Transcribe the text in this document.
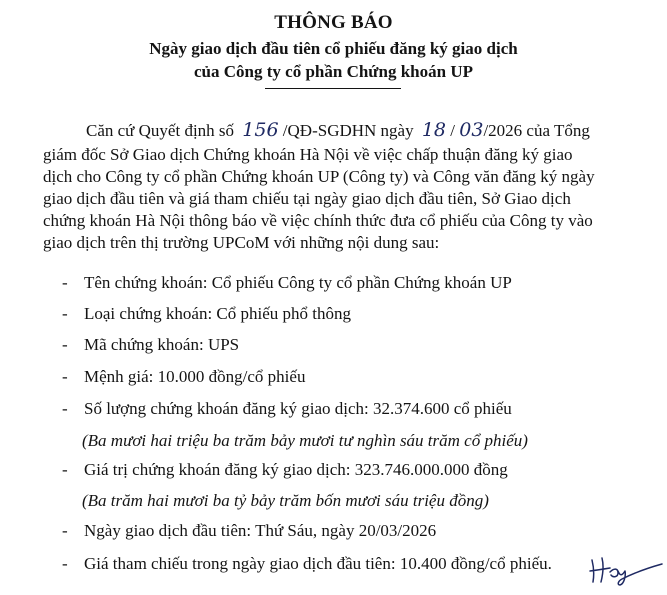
THÔNG BÁO
Ngày giao dịch đầu tiên cổ phiếu đăng ký giao dịch
của Công ty cổ phần Chứng khoán UP
Căn cứ Quyết định số 156 /QĐ-SGDHN ngày 18 / 03/2026 của Tổng
giám đốc Sở Giao dịch Chứng khoán Hà Nội về việc chấp thuận đăng ký giao
dịch cho Công ty cổ phần Chứng khoán UP (Công ty) và Công văn đăng ký ngày
giao dịch đầu tiên và giá tham chiếu tại ngày giao dịch đầu tiên, Sở Giao dịch
chứng khoán Hà Nội thông báo về việc chính thức đưa cổ phiếu của Công ty vào
giao dịch trên thị trường UPCoM với những nội dung sau:
- Tên chứng khoán: Cổ phiếu Công ty cổ phần Chứng khoán UP
- Loại chứng khoán: Cổ phiếu phổ thông
- Mã chứng khoán: UPS
- Mệnh giá: 10.000 đồng/cổ phiếu
- Số lượng chứng khoán đăng ký giao dịch: 32.374.600 cổ phiếu
(Ba mươi hai triệu ba trăm bảy mươi tư nghìn sáu trăm cổ phiếu)
- Giá trị chứng khoán đăng ký giao dịch: 323.746.000.000 đồng
(Ba trăm hai mươi ba tỷ bảy trăm bốn mươi sáu triệu đồng)
- Ngày giao dịch đầu tiên: Thứ Sáu, ngày 20/03/2026
- Giá tham chiếu trong ngày giao dịch đầu tiên: 10.400 đồng/cổ phiếu.
